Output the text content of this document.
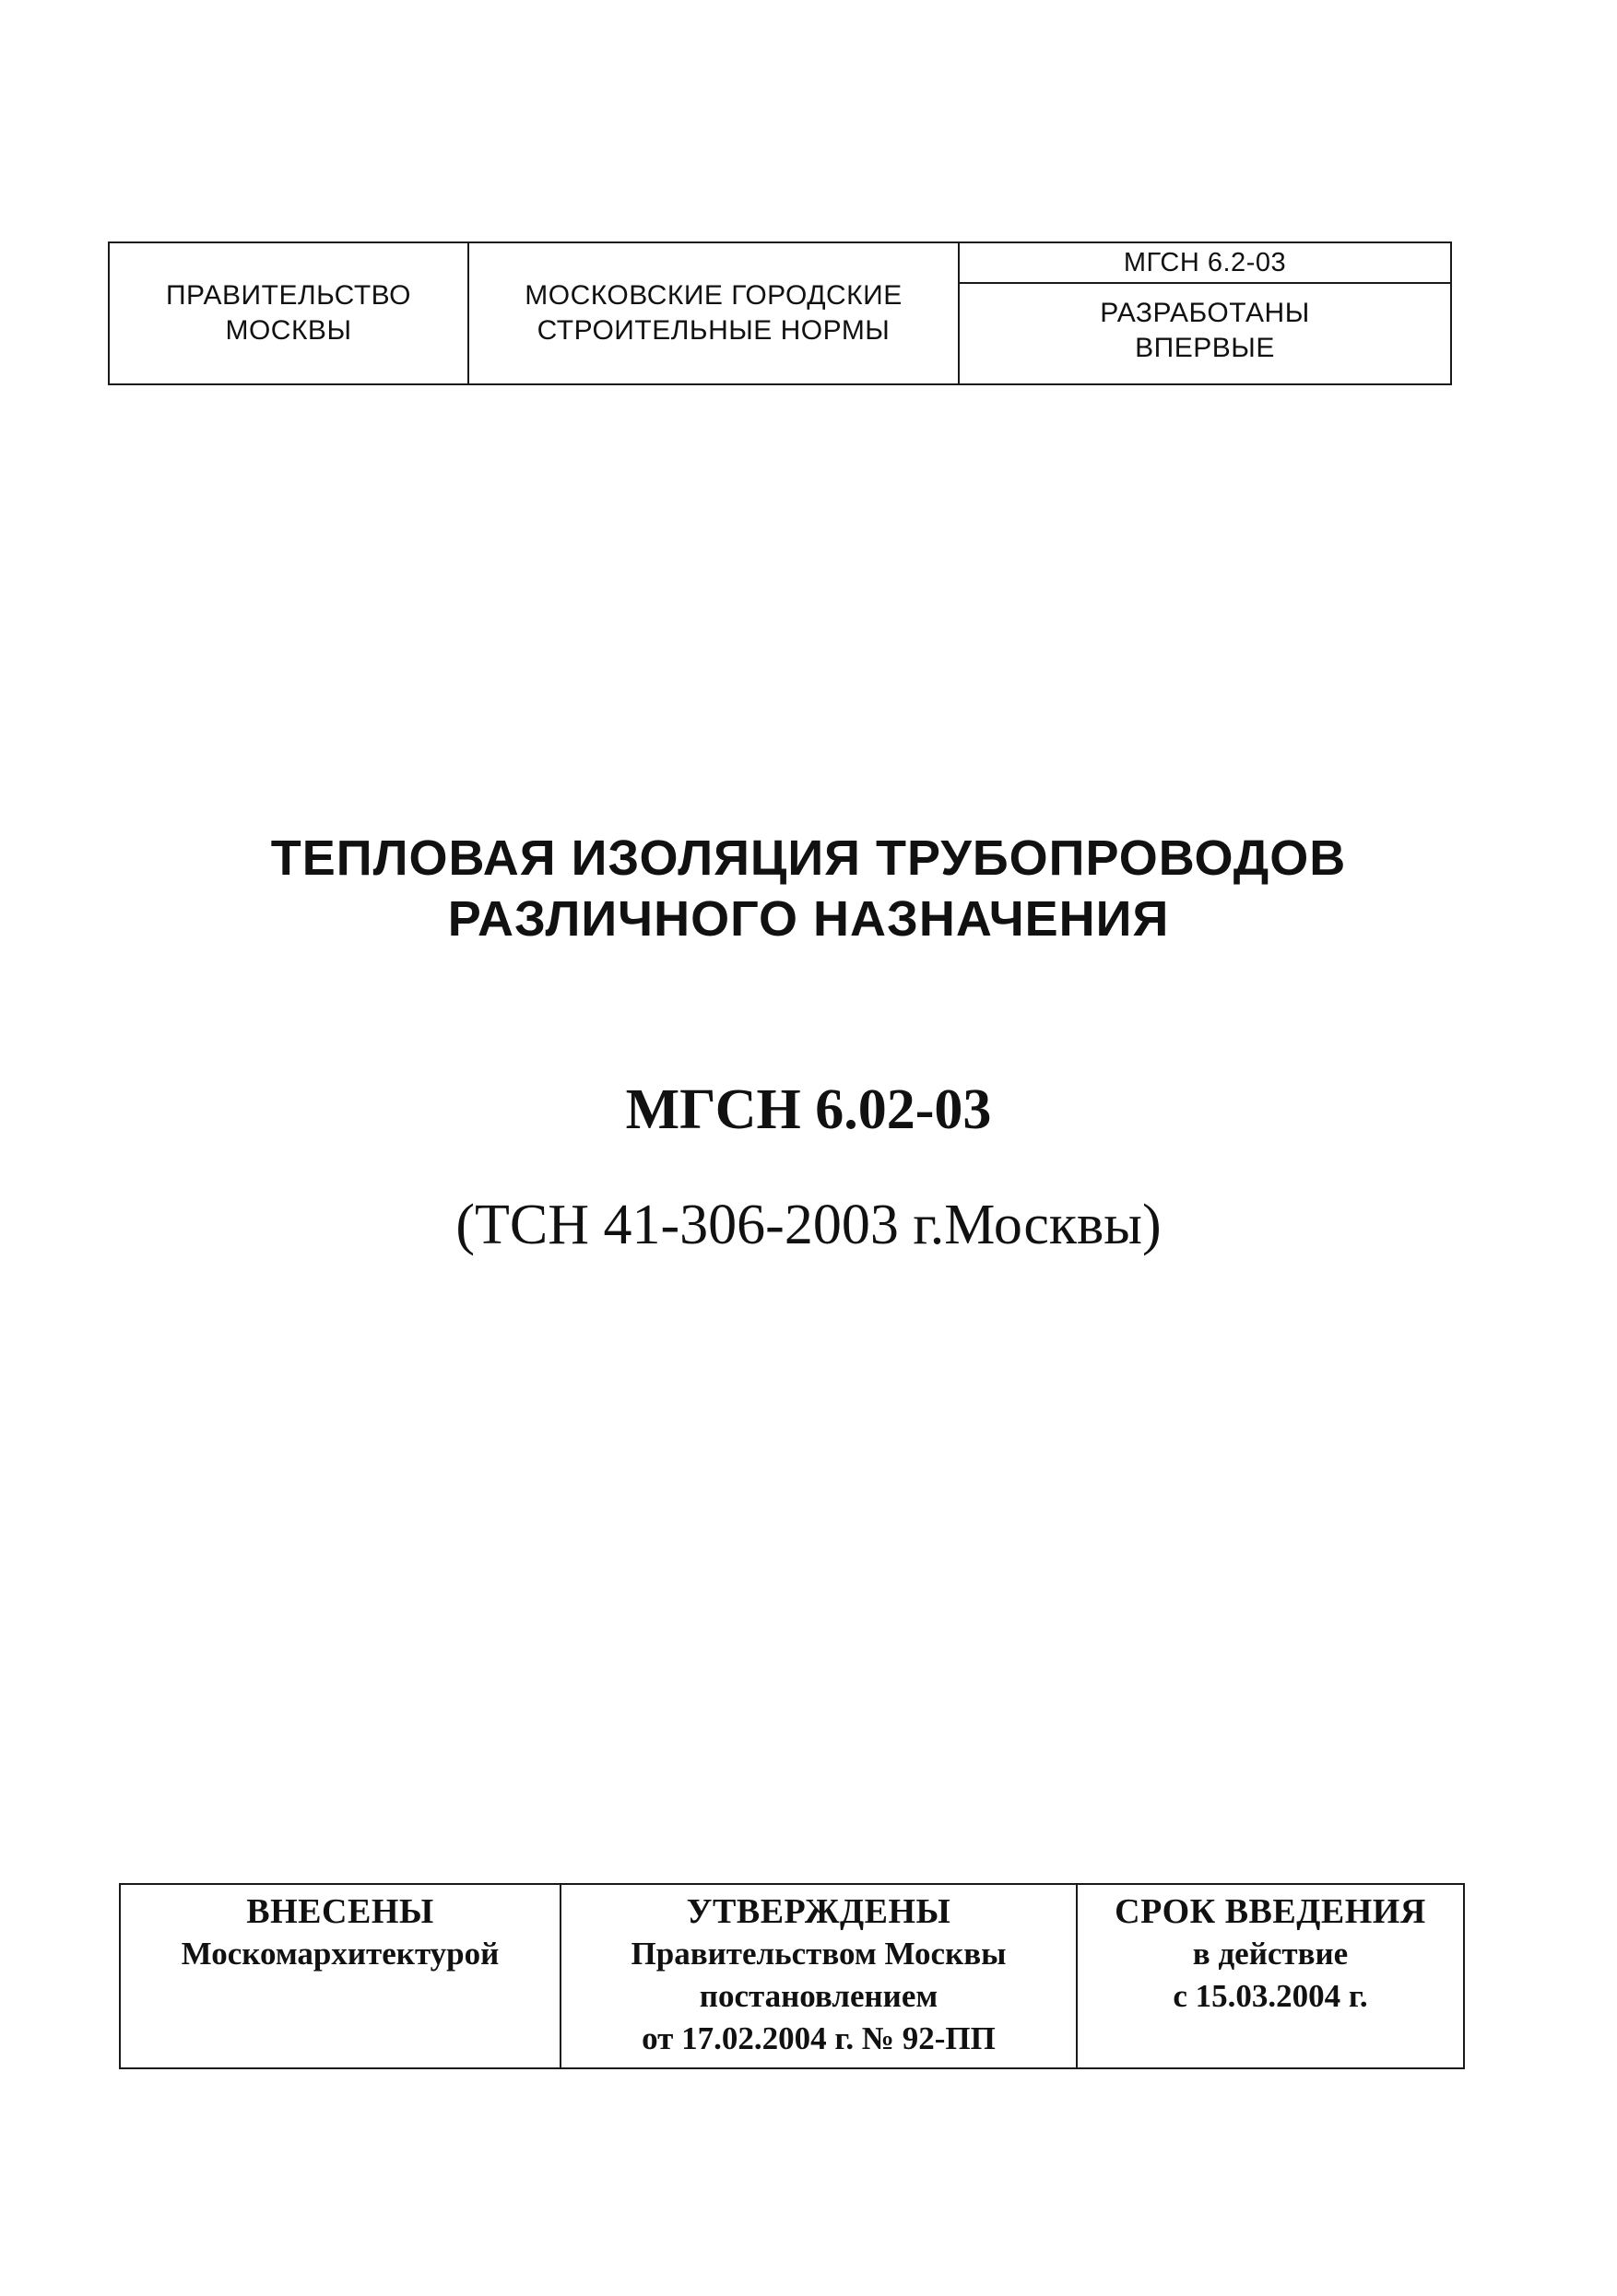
ПРАВИТЕЛЬСТВО
МОСКВЫ
МОСКОВСКИЕ ГОРОДСКИЕ
СТРОИТЕЛЬНЫЕ НОРМЫ
МГСН 6.2-03
РАЗРАБОТАНЫ
ВПЕРВЫЕ
ТЕПЛОВАЯ ИЗОЛЯЦИЯ ТРУБОПРОВОДОВ
РАЗЛИЧНОГО НАЗНАЧЕНИЯ
МГСН 6.02-03
(ТСН 41-306-2003 г.Москвы)
ВНЕСЕНЫ
Москомархитектурой
УТВЕРЖДЕНЫ
Правительством Москвы
постановлением
от 17.02.2004 г. № 92-ПП
СРОК ВВЕДЕНИЯ
в действие
с 15.03.2004 г.
